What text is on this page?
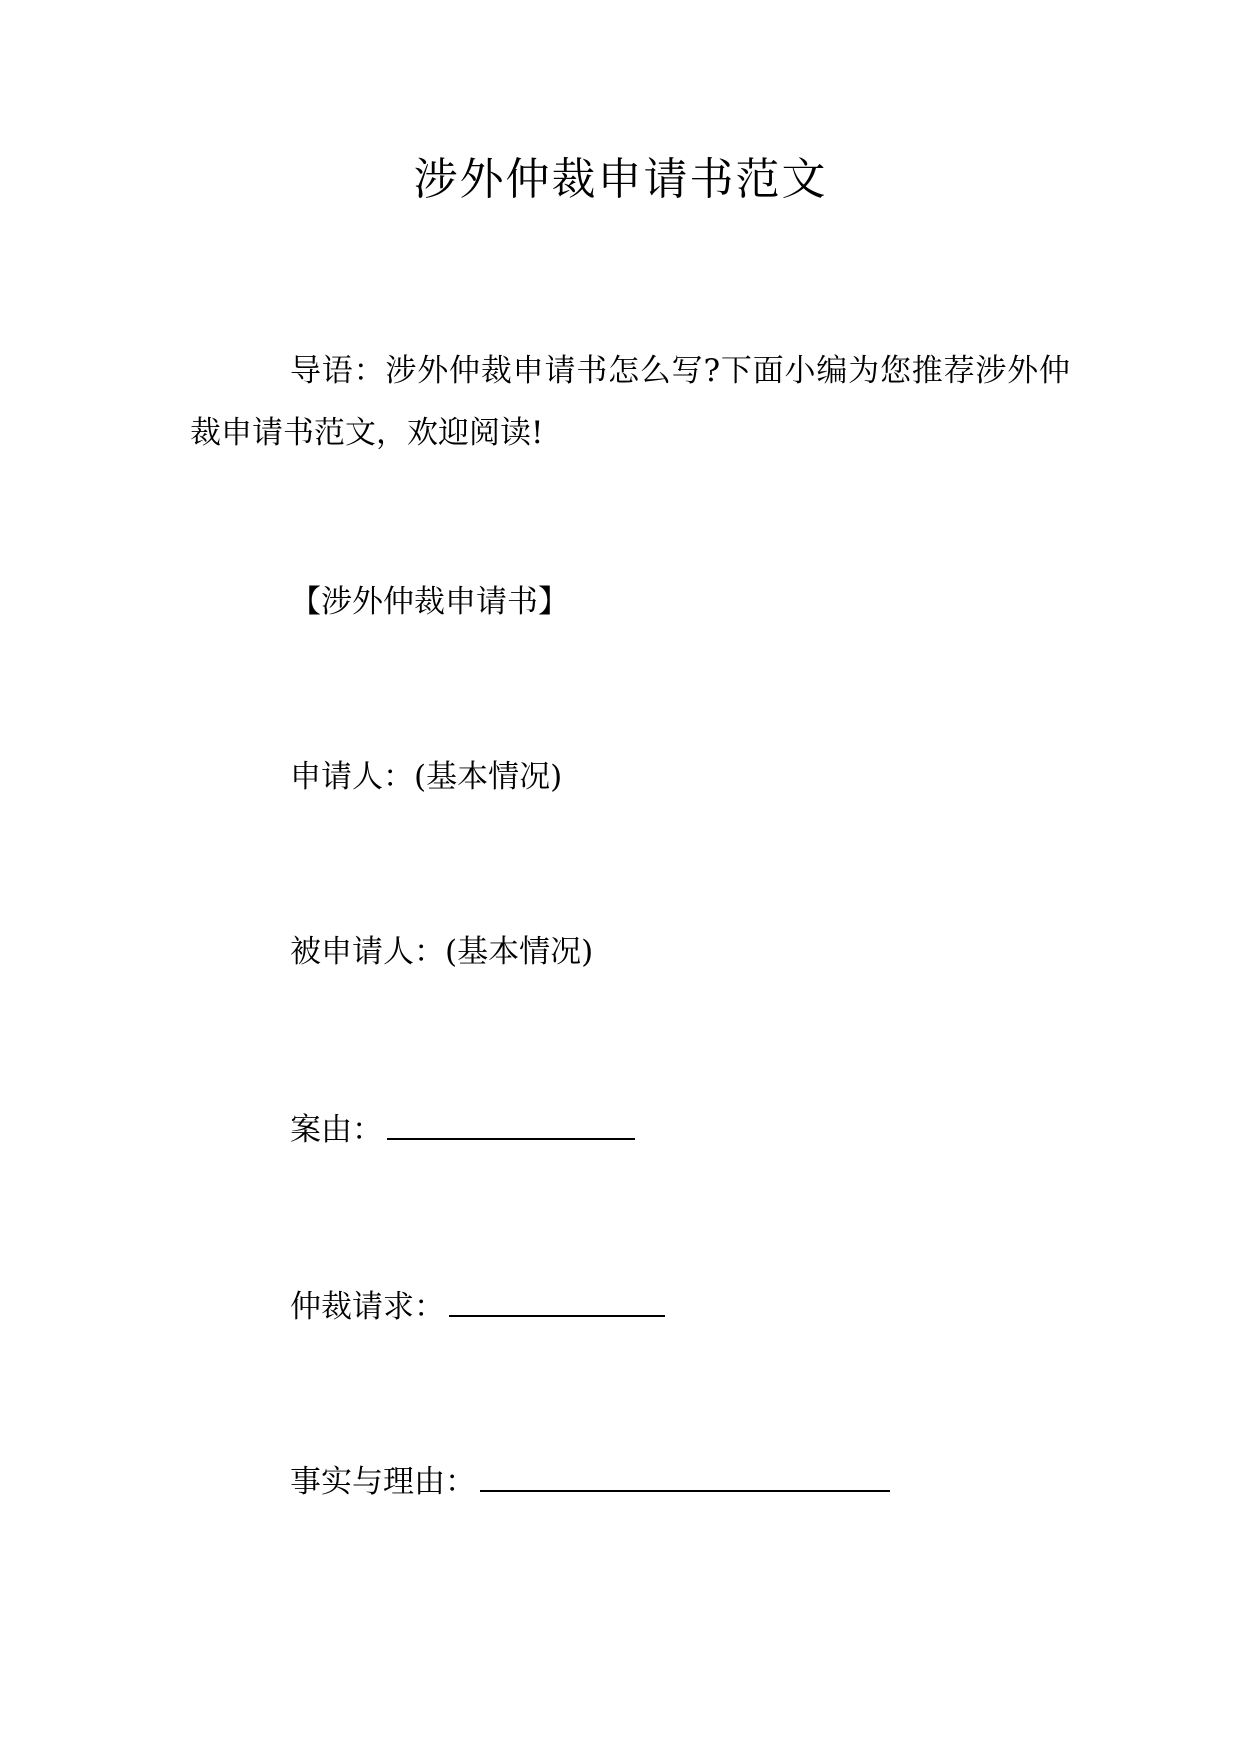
涉外仲裁申请书范文
导语：涉外仲裁申请书怎么写?下面小编为您推荐涉外仲裁申请书范文，欢迎阅读!
【涉外仲裁申请书】
申请人：(基本情况)
被申请人：(基本情况)
案由：
仲裁请求：
事实与理由：
